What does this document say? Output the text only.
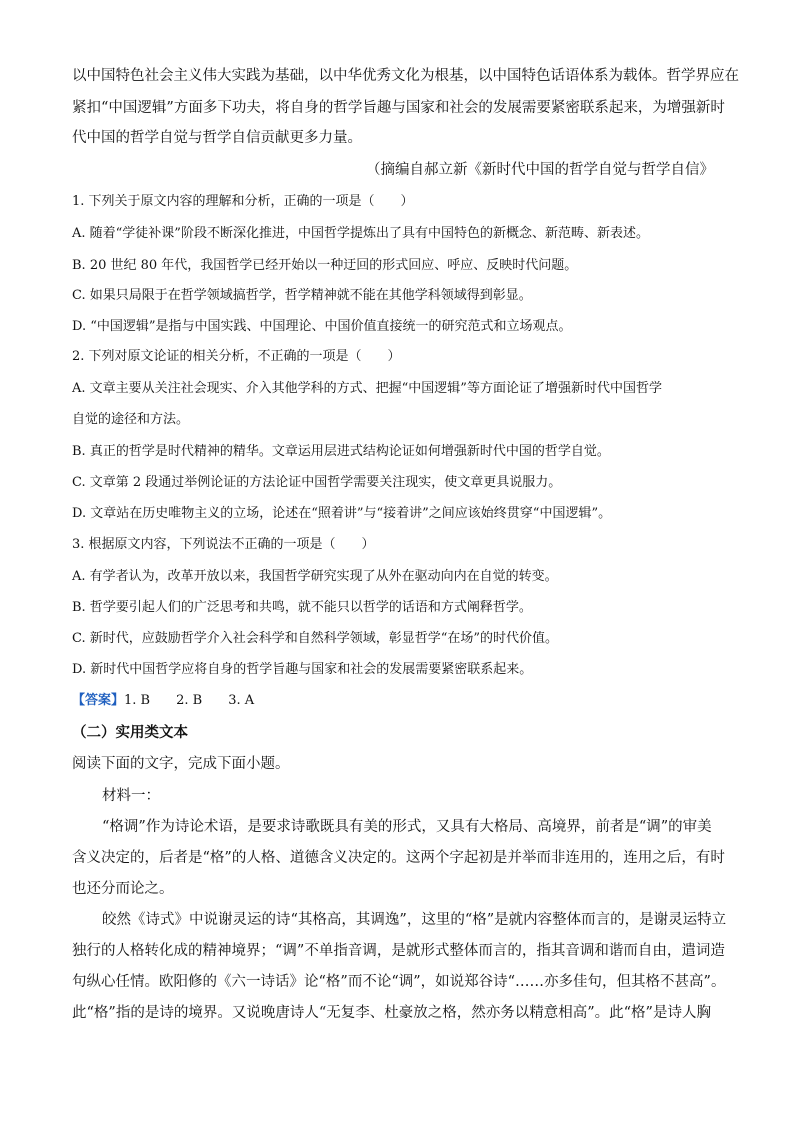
以中国特色社会主义伟大实践为基础，以中华优秀文化为根基，以中国特色话语体系为载体。哲学界应在
紧扣“中国逻辑”方面多下功夫，将自身的哲学旨趣与国家和社会的发展需要紧密联系起来，为增强新时
代中国的哲学自觉与哲学自信贡献更多力量。
（摘编自郝立新《新时代中国的哲学自觉与哲学自信》
1. 下列关于原文内容的理解和分析，正确的一项是（　　）
A. 随着“学徒补课”阶段不断深化推进，中国哲学提炼出了具有中国特色的新概念、新范畴、新表述。
B. 20 世纪 80 年代，我国哲学已经开始以一种迂回的形式回应、呼应、反映时代问题。
C. 如果只局限于在哲学领域搞哲学，哲学精神就不能在其他学科领域得到彰显。
D. “中国逻辑”是指与中国实践、中国理论、中国价值直接统一的研究范式和立场观点。
2. 下列对原文论证的相关分析，不正确的一项是（　　）
A. 文章主要从关注社会现实、介入其他学科的方式、把握“中国逻辑”等方面论证了增强新时代中国哲学
自觉的途径和方法。
B. 真正的哲学是时代精神的精华。文章运用层进式结构论证如何增强新时代中国的哲学自觉。
C. 文章第 2 段通过举例论证的方法论证中国哲学需要关注现实，使文章更具说服力。
D. 文章站在历史唯物主义的立场，论述在“照着讲”与“接着讲”之间应该始终贯穿“中国逻辑”。
3. 根据原文内容，下列说法不正确的一项是（　　）
A. 有学者认为，改革开放以来，我国哲学研究实现了从外在驱动向内在自觉的转变。
B. 哲学要引起人们的广泛思考和共鸣，就不能只以哲学的话语和方式阐释哲学。
C. 新时代，应鼓励哲学介入社会科学和自然科学领域，彰显哲学“在场”的时代价值。
D. 新时代中国哲学应将自身的哲学旨趣与国家和社会的发展需要紧密联系起来。
【答案】1. B　　2. B　　3. A
（二）实用类文本
阅读下面的文字，完成下面小题。
材料一：
“格调”作为诗论术语，是要求诗歌既具有美的形式，又具有大格局、高境界，前者是“调”的审美
含义决定的，后者是“格”的人格、道德含义决定的。这两个字起初是并举而非连用的，连用之后，有时
也还分而论之。
皎然《诗式》中说谢灵运的诗“其格高，其调逸”，这里的“格”是就内容整体而言的，是谢灵运特立
独行的人格转化成的精神境界；“调”不单指音调，是就形式整体而言的，指其音调和谐而自由，遣词造
句纵心任情。欧阳修的《六一诗话》论“格”而不论“调”，如说郑谷诗“……亦多佳句，但其格不甚高”。
此“格”指的是诗的境界。又说晚唐诗人“无复李、杜豪放之格，然亦务以精意相高”。此“格”是诗人胸
